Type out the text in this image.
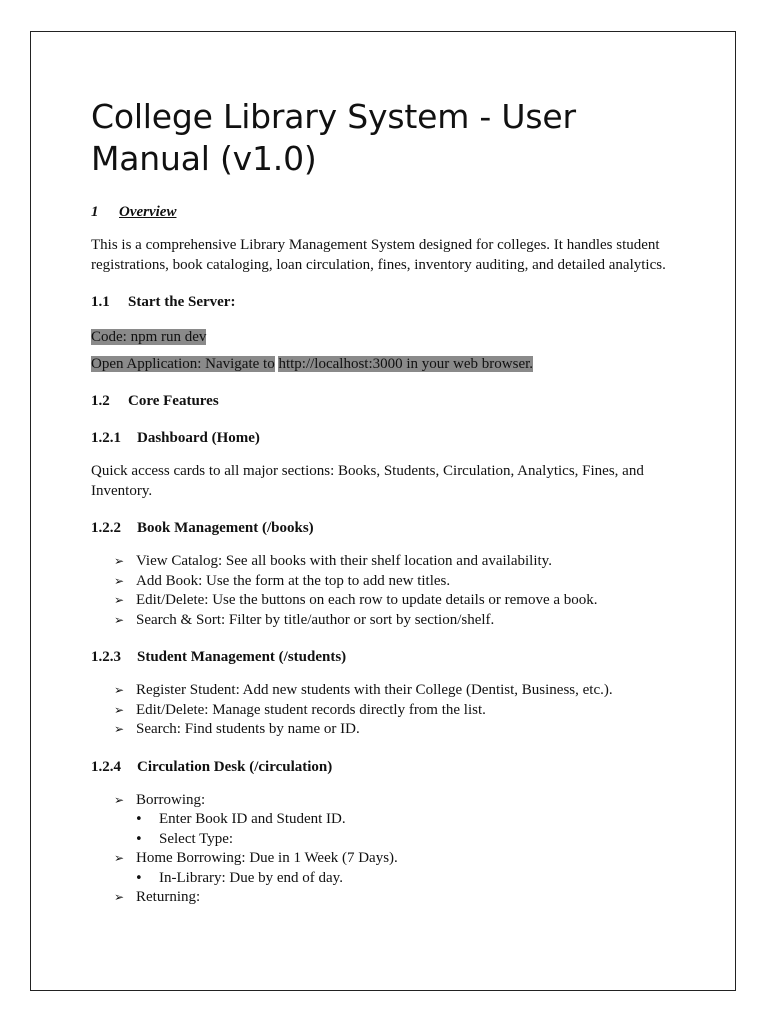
College Library System - User Manual (v1.0)
1 Overview

This is a comprehensive Library Management System designed for colleges. It handles student registrations, book cataloging, loan circulation, fines, inventory auditing, and detailed analytics.

1.1 Start the Server:
Code: npm run dev
Open Application: Navigate to http://localhost:3000 in your web browser.
1.2 Core Features
1.2.1 Dashboard (Home)

Quick access cards to all major sections: Books, Students, Circulation, Analytics, Fines, and Inventory.

1.2.2 Book Management (/books)
➢ View Catalog: See all books with their shelf location and availability.
➢ Add Book: Use the form at the top to add new titles.
➢ Edit/Delete: Use the buttons on each row to update details or remove a book.
➢ Search & Sort: Filter by title/author or sort by section/shelf.
1.2.3 Student Management (/students)
➢ Register Student: Add new students with their College (Dentist, Business, etc.).
➢ Edit/Delete: Manage student records directly from the list.
➢ Search: Find students by name or ID.
1.2.4 Circulation Desk (/circulation)
➢ Borrowing:
• Enter Book ID and Student ID.
• Select Type:
➢ Home Borrowing: Due in 1 Week (7 Days).
• In-Library: Due by end of day.
➢ Returning:
